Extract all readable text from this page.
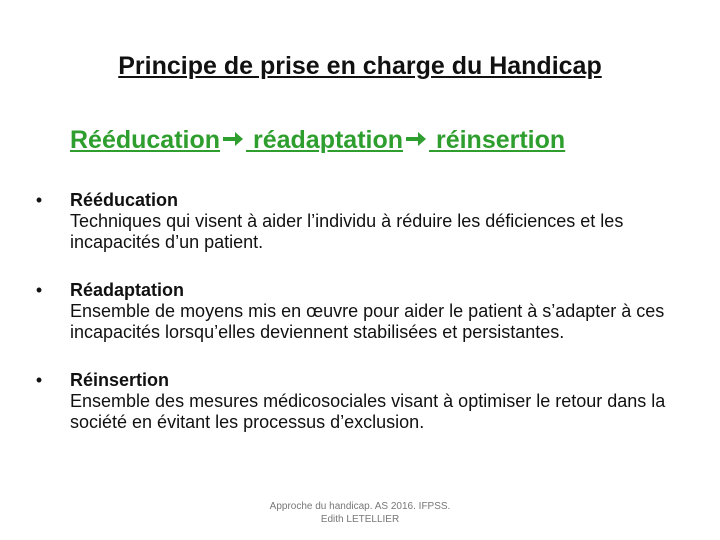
Principe de prise en charge du Handicap
Rééducation réadaptation réinsertion
•	Rééducation
Techniques qui visent à aider l’individu à réduire les déficiences et les incapacités d’un patient.
•	Réadaptation
Ensemble de moyens mis en œuvre pour aider le patient à s’adapter à ces incapacités lorsqu’elles deviennent stabilisées et persistantes.
•	Réinsertion
Ensemble des mesures médicosociales visant à optimiser le retour dans la société en évitant les processus d’exclusion.
Approche du handicap. AS 2016. IFPSS.
Edith LETELLIER
